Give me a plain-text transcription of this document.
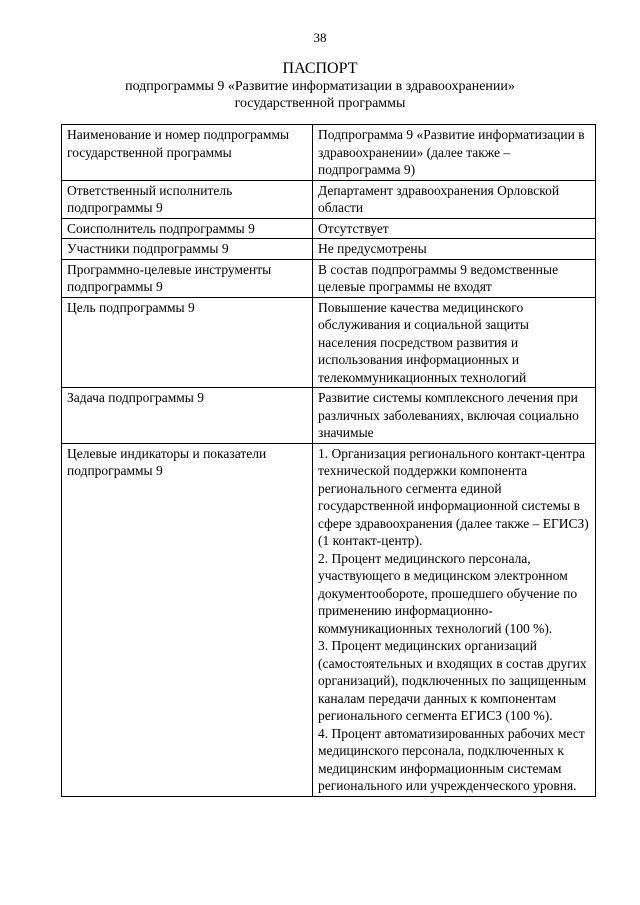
38
ПАСПОРТ
подпрограммы 9 «Развитие информатизации в здравоохранении»
государственной программы
Наименование и номер подпрограммы государственной программы	Подпрограмма 9 «Развитие информатизации в здравоохранении» (далее также – подпрограмма 9)
Ответственный исполнитель подпрограммы 9	Департамент здравоохранения Орловской области
Соисполнитель подпрограммы 9	Отсутствует
Участники подпрограммы 9	Не предусмотрены
Программно-целевые инструменты подпрограммы 9	В состав подпрограммы 9 ведомственные целевые программы не входят
Цель подпрограммы 9	Повышение качества медицинского обслуживания и социальной защиты населения посредством развития и использования информационных и телекоммуникационных технологий
Задача подпрограммы 9	Развитие системы комплексного лечения при различных заболеваниях, включая социально значимые
Целевые индикаторы и показатели подпрограммы 9	1. Организация регионального контакт-центра технической поддержки компонента регионального сегмента единой государственной информационной системы в сфере здравоохранения (далее также – ЕГИСЗ) (1 контакт-центр).
2. Процент медицинского персонала, участвующего в медицинском электронном документообороте, прошедшего обучение по применению информационно-коммуникационных технологий (100 %).
3. Процент медицинских организаций (самостоятельных и входящих в состав других организаций), подключенных по защищенным каналам передачи данных к компонентам регионального сегмента ЕГИСЗ (100 %).
4. Процент автоматизированных рабочих мест медицинского персонала, подключенных к медицинским информационным системам регионального или учрежденческого уровня.
